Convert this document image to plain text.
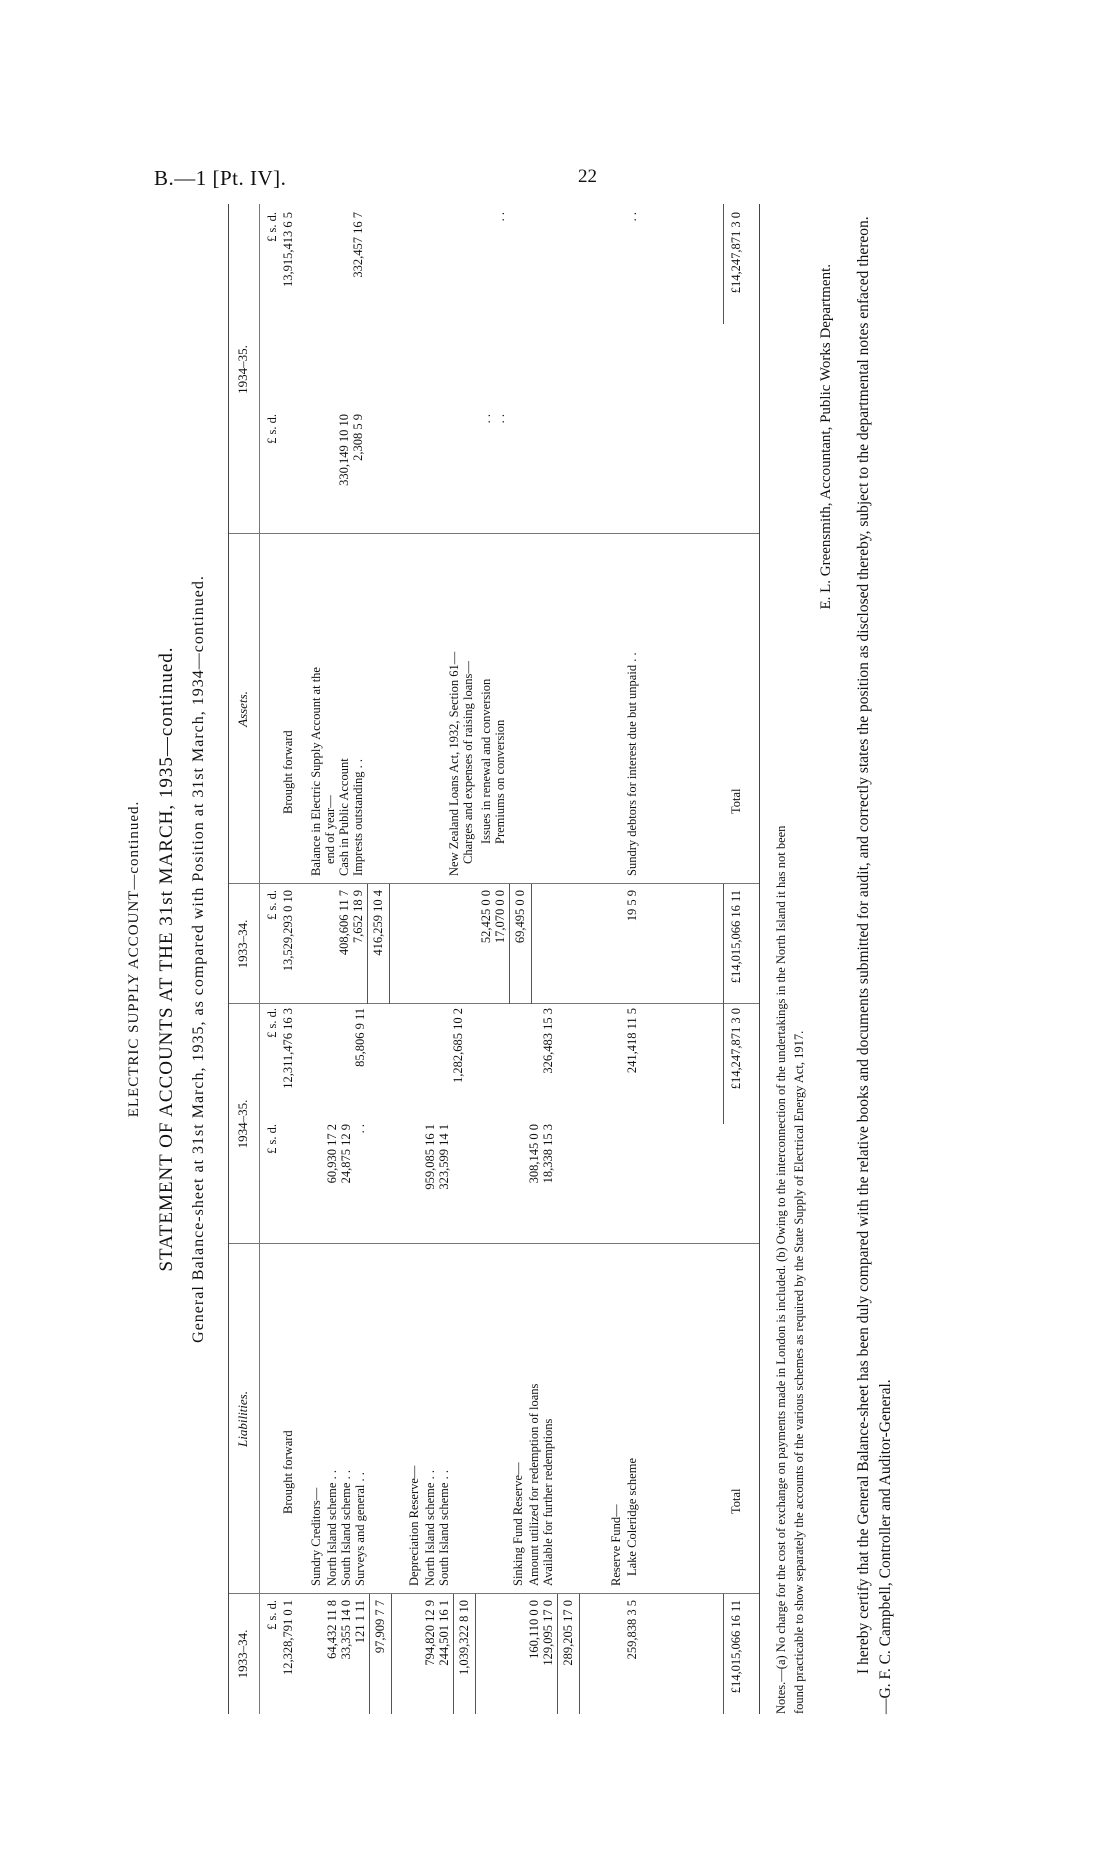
B.—1 [Pt. IV].	22
ELECTRIC SUPPLY ACCOUNT—continued. STATEMENT OF ACCOUNTS AT THE 31st MARCH, 1935—continued. General Balance-sheet at 31st March, 1935, as compared with Position at 31st March, 1934—continued.
1933–34.
Liabilities.
1934–35.
1933–34.
Assets.
1934–35.
£ s. d.
£ s. d.
£ s. d.
£ s. d.
£ s. d.
£ s. d.
12,328,791 0 1
Brought forward
12,311,476 16 3
Sundry Creditors—
64,432 11 8
North Island scheme . .
60,930 17 2
33,355 14 0
South Island scheme . .
24,875 12 9
121 1 11
Surveys and general . .
. .
97,909 7 7
85,806 9 11
Depreciation Reserve—
794,820 12 9
North Island scheme . .
959,085 16 1
244,501 16 1
South Island scheme . .
323,599 14 1
1,039,322 8 10
1,282,685 10 2
Sinking Fund Reserve—
160,110 0 0
Amount utilized for redemption of loans
308,145 0 0
129,095 17 0
Available for further redemptions
18,338 15 3
289,205 17 0
326,483 15 3
Reserve Fund—
259,838 3 5
Lake Coleridge scheme
241,418 11 5
£14,015,066 16 11
Total
£14,247,871 3 0
13,529,293 0 10
Brought forward
13,915,413 6 5
Balance in Electric Supply Account at the end of year—
408,606 11 7
Cash in Public Account
330,149 10 10
7,652 18 9
Imprests outstanding . .
2,308 5 9
416,259 10 4
332,457 16 7
New Zealand Loans Act, 1932, Section 61— Charges and expenses of raising loans—
52,425 0 0
Issues in renewal and conversion
. .
17,070 0 0
Premiums on conversion
. .
69,495 0 0
. .
19 5 9
Sundry debtors for interest due but unpaid . .
. .
£14,015,066 16 11
Total
£14,247,871 3 0
Notes.—(a) No charge for the cost of exchange on payments made in London is included. (b) Owing to the interconnection of the undertakings in the North Island it has not been found practicable to show separately the accounts of the various schemes as required by the State Supply of Electrical Energy Act, 1917.
E. L. Greensmith, Accountant, Public Works Department. I hereby certify that the General Balance-sheet has been duly compared with the relative books and documents submitted for audit, and correctly states the position as disclosed thereby, subject to the departmental notes enfaced thereon.—G. F. C. Campbell, Controller and Auditor-General.
